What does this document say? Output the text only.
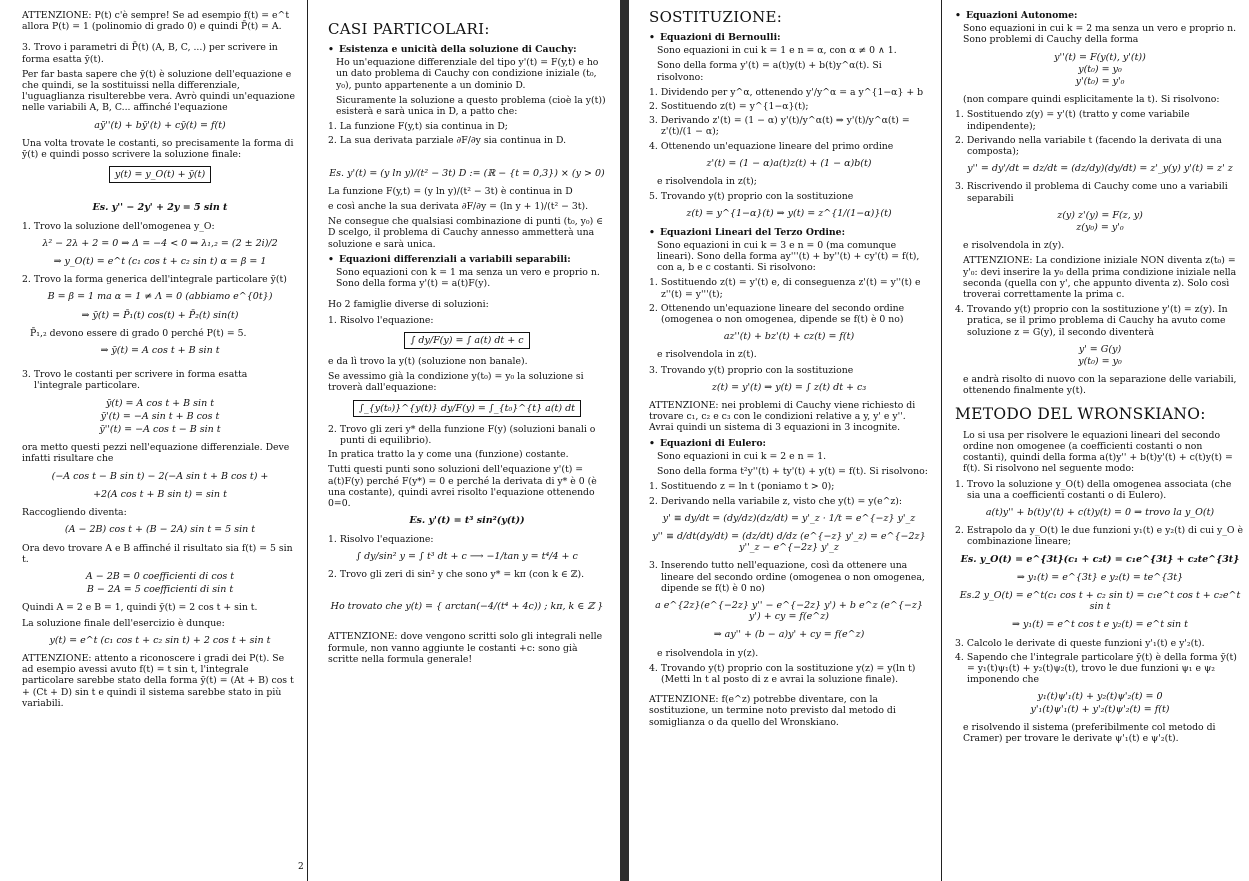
ATTENZIONE: P(t) c'è sempre! Se ad esempio f(t) = e^t allora P(t) = 1 (polinomio di grado 0) e quindi P̄(t) = A.

3. Trovo i parametri di P̄(t) (A, B, C, ...) per scrivere in forma esatta ȳ(t).

Per far basta sapere che ȳ(t) è soluzione dell'equazione e che quindi, se la sostituissi nella differenziale, l'uguaglianza risulterebbe vera. Avrò quindi un'equazione nelle variabili A, B, C... affinché l'equazione

aȳ''(t) + bȳ'(t) + cȳ(t) = f(t)

Una volta trovate le costanti, so precisamente la forma di ȳ(t) e quindi posso scrivere la soluzione finale:

y(t) = y_O(t) + ȳ(t)
Es. y'' − 2y' + 2y = 5 sin t

1. Trovo la soluzione dell'omogenea y_O:

λ² − 2λ + 2 = 0 ⇒ Δ = −4 < 0 ⇒ λ₁,₂ = (2 ± 2i)/2
⇒ y_O(t) = e^t (c₁ cos t + c₂ sin t) α = β = 1

2. Trovo la forma generica dell'integrale particolare ȳ(t)

B = β = 1 ma α = 1 ≠ Λ = 0 (abbiamo e^{0t})
⇒ ȳ(t) = P̄₁(t) cos(t) + P̄₂(t) sin(t)

P̄₁,₂ devono essere di grado 0 perché P(t) = 5.

⇒ ȳ(t) = A cos t + B sin t

3. Trovo le costanti per scrivere in forma esatta l'integrale particolare.

ȳ(t) = A cos t + B sin t
ȳ'(t) = −A sin t + B cos t
ȳ''(t) = −A cos t − B sin t

ora metto questi pezzi nell'equazione differenziale. Deve infatti risultare che

(−A cos t − B sin t) − 2(−A sin t + B cos t) +
+2(A cos t + B sin t) = sin t

Raccogliendo diventa:

(A − 2B) cos t + (B − 2A) sin t = 5 sin t

Ora devo trovare A e B affinché il risultato sia f(t) = 5 sin t.

A − 2B = 0 coefficienti di cos t
B − 2A = 5 coefficienti di sin t

Quindi A = 2 e B = 1, quindi ȳ(t) = 2 cos t + sin t.

La soluzione finale dell'esercizio è dunque:

y(t) = e^t (c₁ cos t + c₂ sin t) + 2 cos t + sin t

ATTENZIONE: attento a riconoscere i gradi dei P(t). Se ad esempio avessi avuto f(t) = t sin t, l'integrale particolare sarebbe stato della forma ȳ(t) = (At + B) cos t + (Ct + D) sin t e quindi il sistema sarebbe stato in più variabili.

CASI PARTICOLARI:
• Esistenza e unicità della soluzione di Cauchy:

Ho un'equazione differenziale del tipo y'(t) = F(y,t) e ho un dato problema di Cauchy con condizione iniziale (t₀, y₀), punto appartenente a un dominio D.

Sicuramente la soluzione a questo problema (cioè la y(t)) esisterà e sarà unica in D, a patto che:

1. La funzione F(y,t) sia continua in D;

2. La sua derivata parziale ∂F/∂y sia continua in D.

Es. y'(t) = (y ln y)/(t² − 3t) D := (ℝ − {t = 0,3}) × (y > 0)

La funzione F(y,t) = (y ln y)/(t² − 3t) è continua in D

e così anche la sua derivata ∂F/∂y = (ln y + 1)/(t² − 3t).

Ne consegue che qualsiasi combinazione di punti (t₀, y₀) ∈ D scelgo, il problema di Cauchy annesso ammetterà una soluzione e sarà unica.

• Equazioni differenziali a variabili separabili:

Sono equazioni con k = 1 ma senza un vero e proprio n. Sono della forma y'(t) = a(t)F(y).

Ho 2 famiglie diverse di soluzioni:

1. Risolvo l'equazione:

∫ dy/F(y) = ∫ a(t) dt + c

e da lì trovo la y(t) (soluzione non banale).

Se avessimo già la condizione y(t₀) = y₀ la soluzione si troverà dall'equazione:

∫_{y(t₀)}^{y(t)} dy/F(y) = ∫_{t₀}^{t} a(t) dt

2. Trovo gli zeri y* della funzione F(y) (soluzioni banali o punti di equilibrio).

In pratica tratto la y come una (funzione) costante.

Tutti questi punti sono soluzioni dell'equazione y'(t) = a(t)F(y) perché F(y*) = 0 e perché la derivata di y* è 0 (è una costante), quindi avrei risolto l'equazione ottenendo 0=0.

Es. y'(t) = t³ sin²(y(t))

1. Risolvo l'equazione:

∫ dy/sin² y = ∫ t³ dt + c ⟶ −1/tan y = t⁴/4 + c

2. Trovo gli zeri di sin² y che sono y* = kπ (con k ∈ ℤ).

Ho trovato che y(t) = { arctan(−4/(t⁴ + 4c)) ; kπ, k ∈ ℤ }

ATTENZIONE: dove vengono scritti solo gli integrali nelle formule, non vanno aggiunte le costanti +c: sono già scritte nella formula generale!

2
SOSTITUZIONE:
• Equazioni di Bernoulli:

Sono equazioni in cui k = 1 e n = α, con α ≠ 0 ∧ 1.

Sono della forma y'(t) = a(t)y(t) + b(t)y^α(t). Si risolvono:

1. Dividendo per y^α, ottenendo y'/y^α = a y^{1−α} + b

2. Sostituendo z(t) = y^{1−α}(t);

3. Derivando z'(t) = (1 − α) y'(t)/y^α(t) ⇒ y'(t)/y^α(t) = z'(t)/(1 − α);

4. Ottenendo un'equazione lineare del primo ordine

z'(t) = (1 − α)a(t)z(t) + (1 − α)b(t)

e risolvendola in z(t);

5. Trovando y(t) proprio con la sostituzione

z(t) = y^{1−α}(t) ⇒ y(t) = z^{1/(1−α)}(t)
• Equazioni Lineari del Terzo Ordine:

Sono equazioni in cui k = 3 e n = 0 (ma comunque lineari). Sono della forma ay'''(t) + by''(t) + cy'(t) = f(t), con a, b e c costanti. Si risolvono:

1. Sostituendo z(t) = y'(t) e, di conseguenza z'(t) = y''(t) e z''(t) = y'''(t);

2. Ottenendo un'equazione lineare del secondo ordine (omogenea o non omogenea, dipende se f(t) è 0 no)

az''(t) + bz'(t) + cz(t) = f(t)

e risolvendola in z(t).

3. Trovando y(t) proprio con la sostituzione

z(t) = y'(t) ⇒ y(t) = ∫ z(t) dt + c₃

ATTENZIONE: nei problemi di Cauchy viene richiesto di trovare c₁, c₂ e c₃ con le condizioni relative a y, y' e y''. Avrai quindi un sistema di 3 equazioni in 3 incognite.

• Equazioni di Eulero:

Sono equazioni in cui k = 2 e n = 1.

Sono della forma t²y''(t) + ty'(t) + y(t) = f(t). Si risolvono:

1. Sostituendo z = ln t (poniamo t > 0);

2. Derivando nella variabile z, visto che y(t) = y(e^z):

y' ≡ dy/dt = (dy/dz)(dz/dt) = y'_z · 1/t = e^{−z} y'_z
y'' ≡ d/dt(dy/dt) = (dz/dt) d/dz (e^{−z} y'_z) = e^{−2z} y''_z − e^{−2z} y'_z

3. Inserendo tutto nell'equazione, così da ottenere una lineare del secondo ordine (omogenea o non omogenea, dipende se f(t) è 0 no)

a e^{2z}(e^{−2z} y'' − e^{−2z} y') + b e^z (e^{−z} y') + cy = f(e^z)
⇒ ay'' + (b − a)y' + cy = f(e^z)

e risolvendola in y(z).

4. Trovando y(t) proprio con la sostituzione y(z) = y(ln t) (Metti ln t al posto di z e avrai la soluzione finale).

ATTENZIONE: f(e^z) potrebbe diventare, con la sostituzione, un termine noto previsto dal metodo di somiglianza o da quello del Wronskiano.

• Equazioni Autonome:

Sono equazioni in cui k = 2 ma senza un vero e proprio n. Sono problemi di Cauchy della forma

y''(t) = F(y(t), y'(t))
y(t₀) = y₀
y'(t₀) = y'₀

(non compare quindi esplicitamente la t). Si risolvono:

1. Sostituendo z(y) = y'(t) (tratto y come variabile indipendente);

2. Derivando nella variabile t (facendo la derivata di una composta);

y'' = dy'/dt = dz/dt = (dz/dy)(dy/dt) = z'_y(y) y'(t) = z' z

3. Riscrivendo il problema di Cauchy come uno a variabili separabili

z(y) z'(y) = F(z, y)
z(y₀) = y'₀

e risolvendola in z(y).

ATTENZIONE: La condizione iniziale NON diventa z(t₀) = y'₀: devi inserire la y₀ della prima condizione iniziale nella seconda (quella con y', che appunto diventa z). Solo così troverai correttamente la prima c.

4. Trovando y(t) proprio con la sostituzione y'(t) = z(y). In pratica, se il primo problema di Cauchy ha avuto come soluzione z = G(y), il secondo diventerà

y' = G(y)
y(t₀) = y₀

e andrà risolto di nuovo con la separazione delle variabili, ottenendo finalmente y(t).

METODO DEL WRONSKIANO:

Lo si usa per risolvere le equazioni lineari del secondo ordine non omogenee (a coefficienti costanti o non costanti), quindi della forma a(t)y'' + b(t)y'(t) + c(t)y(t) = f(t). Si risolvono nel seguente modo:

1. Trovo la soluzione y_O(t) della omogenea associata (che sia una a coefficienti costanti o di Eulero).

a(t)y'' + b(t)y'(t) + c(t)y(t) = 0 ⇒ trovo la y_O(t)

2. Estrapolo da y_O(t) le due funzioni y₁(t) e y₂(t) di cui y_O è combinazione lineare;

Es. y_O(t) = e^{3t}(c₁ + c₂t) = c₁e^{3t} + c₂te^{3t}
⇒ y₁(t) = e^{3t} e y₂(t) = te^{3t}
Es.2 y_O(t) = e^t(c₁ cos t + c₂ sin t) = c₁e^t cos t + c₂e^t sin t
⇒ y₁(t) = e^t cos t e y₂(t) = e^t sin t

3. Calcolo le derivate di queste funzioni y'₁(t) e y'₂(t).

4. Sapendo che l'integrale particolare ȳ(t) è della forma ȳ(t) = y₁(t)ψ₁(t) + y₂(t)ψ₂(t), trovo le due funzioni ψ₁ e ψ₂ imponendo che

y₁(t)ψ'₁(t) + y₂(t)ψ'₂(t) = 0
y'₁(t)ψ'₁(t) + y'₂(t)ψ'₂(t) = f(t)

e risolvendo il sistema (preferibilmente col metodo di Cramer) per trovare le derivate ψ'₁(t) e ψ'₂(t).
